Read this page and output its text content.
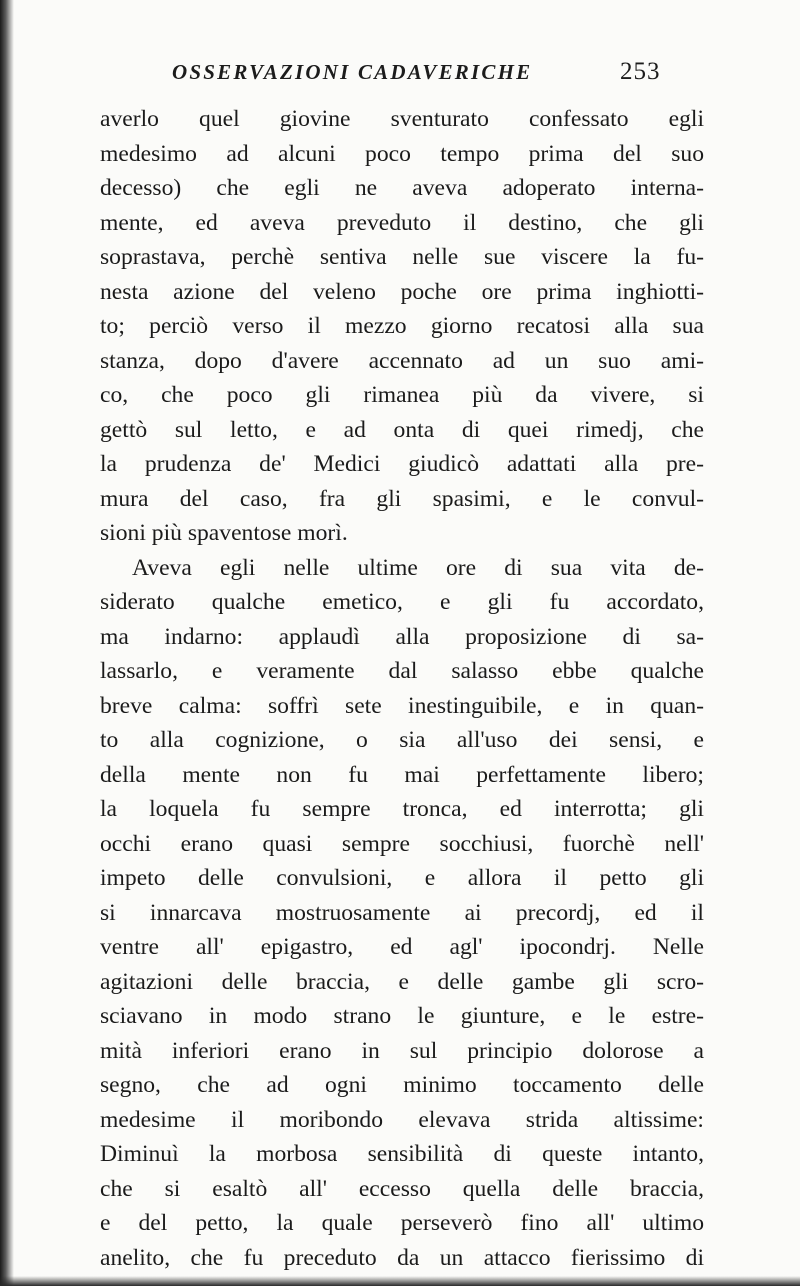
OSSERVAZIONI CADAVERICHE	253
averlo quel giovine sventurato confessato egli
medesimo ad alcuni poco tempo prima del suo
decesso) che egli ne aveva adoperato interna-
mente, ed aveva preveduto il destino, che gli
soprastava, perchè sentiva nelle sue viscere la fu-
nesta azione del veleno poche ore prima inghiotti-
to; perciò verso il mezzo giorno recatosi alla sua
stanza, dopo d'avere accennato ad un suo ami-
co, che poco gli rimanea più da vivere, si
gettò sul letto, e ad onta di quei rimedj, che
la prudenza de' Medici giudicò adattati alla pre-
mura del caso, fra gli spasimi, e le convul-
sioni più spaventose morì.
Aveva egli nelle ultime ore di sua vita de-
siderato qualche emetico, e gli fu accordato,
ma indarno: applaudì alla proposizione di sa-
lassarlo, e veramente dal salasso ebbe qualche
breve calma: soffrì sete inestinguibile, e in quan-
to alla cognizione, o sia all'uso dei sensi, e
della mente non fu mai perfettamente libero;
la loquela fu sempre tronca, ed interrotta; gli
occhi erano quasi sempre socchiusi, fuorchè nell'
impeto delle convulsioni, e allora il petto gli
si innarcava mostruosamente ai precordj, ed il
ventre all' epigastro, ed agl' ipocondrj. Nelle
agitazioni delle braccia, e delle gambe gli scro-
sciavano in modo strano le giunture, e le estre-
mità inferiori erano in sul principio dolorose a
segno, che ad ogni minimo toccamento delle
medesime il moribondo elevava strida altissime:
Diminuì la morbosa sensibilità di queste intanto,
che si esaltò all' eccesso quella delle braccia,
e del petto, la quale perseverò fino all' ultimo
anelito, che fu preceduto da un attacco fierissimo di
